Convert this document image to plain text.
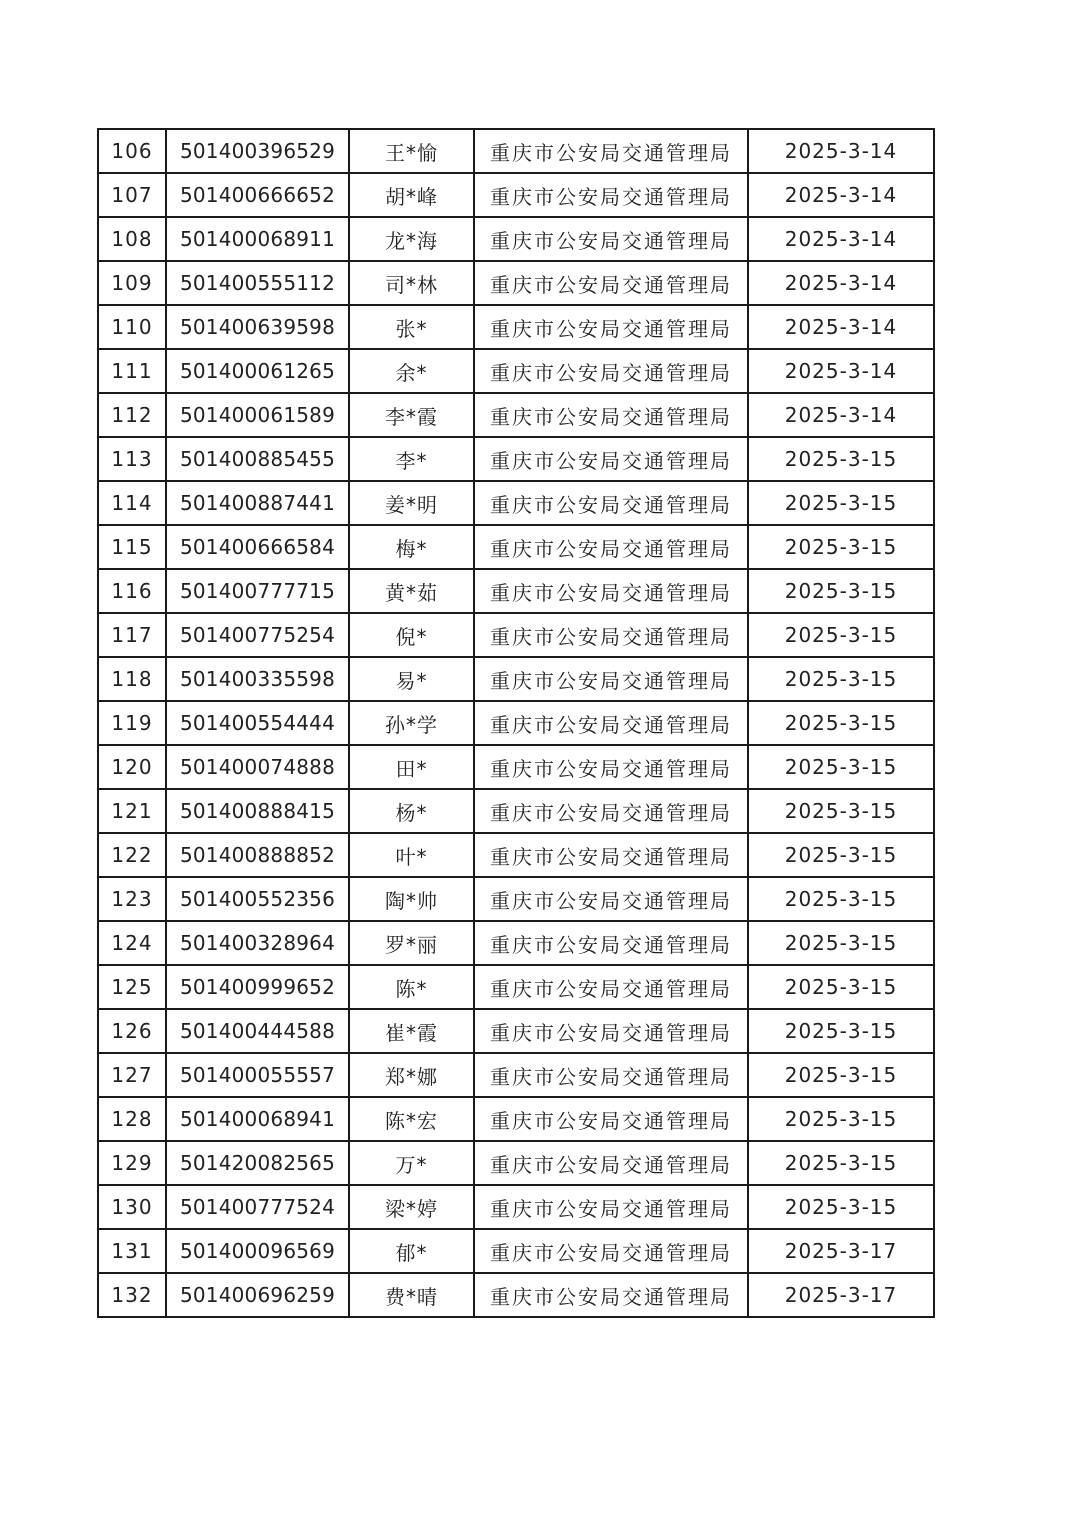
106	501400396529	王*愉	重庆市公安局交通管理局	2025-3-14
107	501400666652	胡*峰	重庆市公安局交通管理局	2025-3-14
108	501400068911	龙*海	重庆市公安局交通管理局	2025-3-14
109	501400555112	司*林	重庆市公安局交通管理局	2025-3-14
110	501400639598	张*	重庆市公安局交通管理局	2025-3-14
111	501400061265	余*	重庆市公安局交通管理局	2025-3-14
112	501400061589	李*霞	重庆市公安局交通管理局	2025-3-14
113	501400885455	李*	重庆市公安局交通管理局	2025-3-15
114	501400887441	姜*明	重庆市公安局交通管理局	2025-3-15
115	501400666584	梅*	重庆市公安局交通管理局	2025-3-15
116	501400777715	黄*茹	重庆市公安局交通管理局	2025-3-15
117	501400775254	倪*	重庆市公安局交通管理局	2025-3-15
118	501400335598	易*	重庆市公安局交通管理局	2025-3-15
119	501400554444	孙*学	重庆市公安局交通管理局	2025-3-15
120	501400074888	田*	重庆市公安局交通管理局	2025-3-15
121	501400888415	杨*	重庆市公安局交通管理局	2025-3-15
122	501400888852	叶*	重庆市公安局交通管理局	2025-3-15
123	501400552356	陶*帅	重庆市公安局交通管理局	2025-3-15
124	501400328964	罗*丽	重庆市公安局交通管理局	2025-3-15
125	501400999652	陈*	重庆市公安局交通管理局	2025-3-15
126	501400444588	崔*霞	重庆市公安局交通管理局	2025-3-15
127	501400055557	郑*娜	重庆市公安局交通管理局	2025-3-15
128	501400068941	陈*宏	重庆市公安局交通管理局	2025-3-15
129	501420082565	万*	重庆市公安局交通管理局	2025-3-15
130	501400777524	梁*婷	重庆市公安局交通管理局	2025-3-15
131	501400096569	郁*	重庆市公安局交通管理局	2025-3-17
132	501400696259	费*晴	重庆市公安局交通管理局	2025-3-17
